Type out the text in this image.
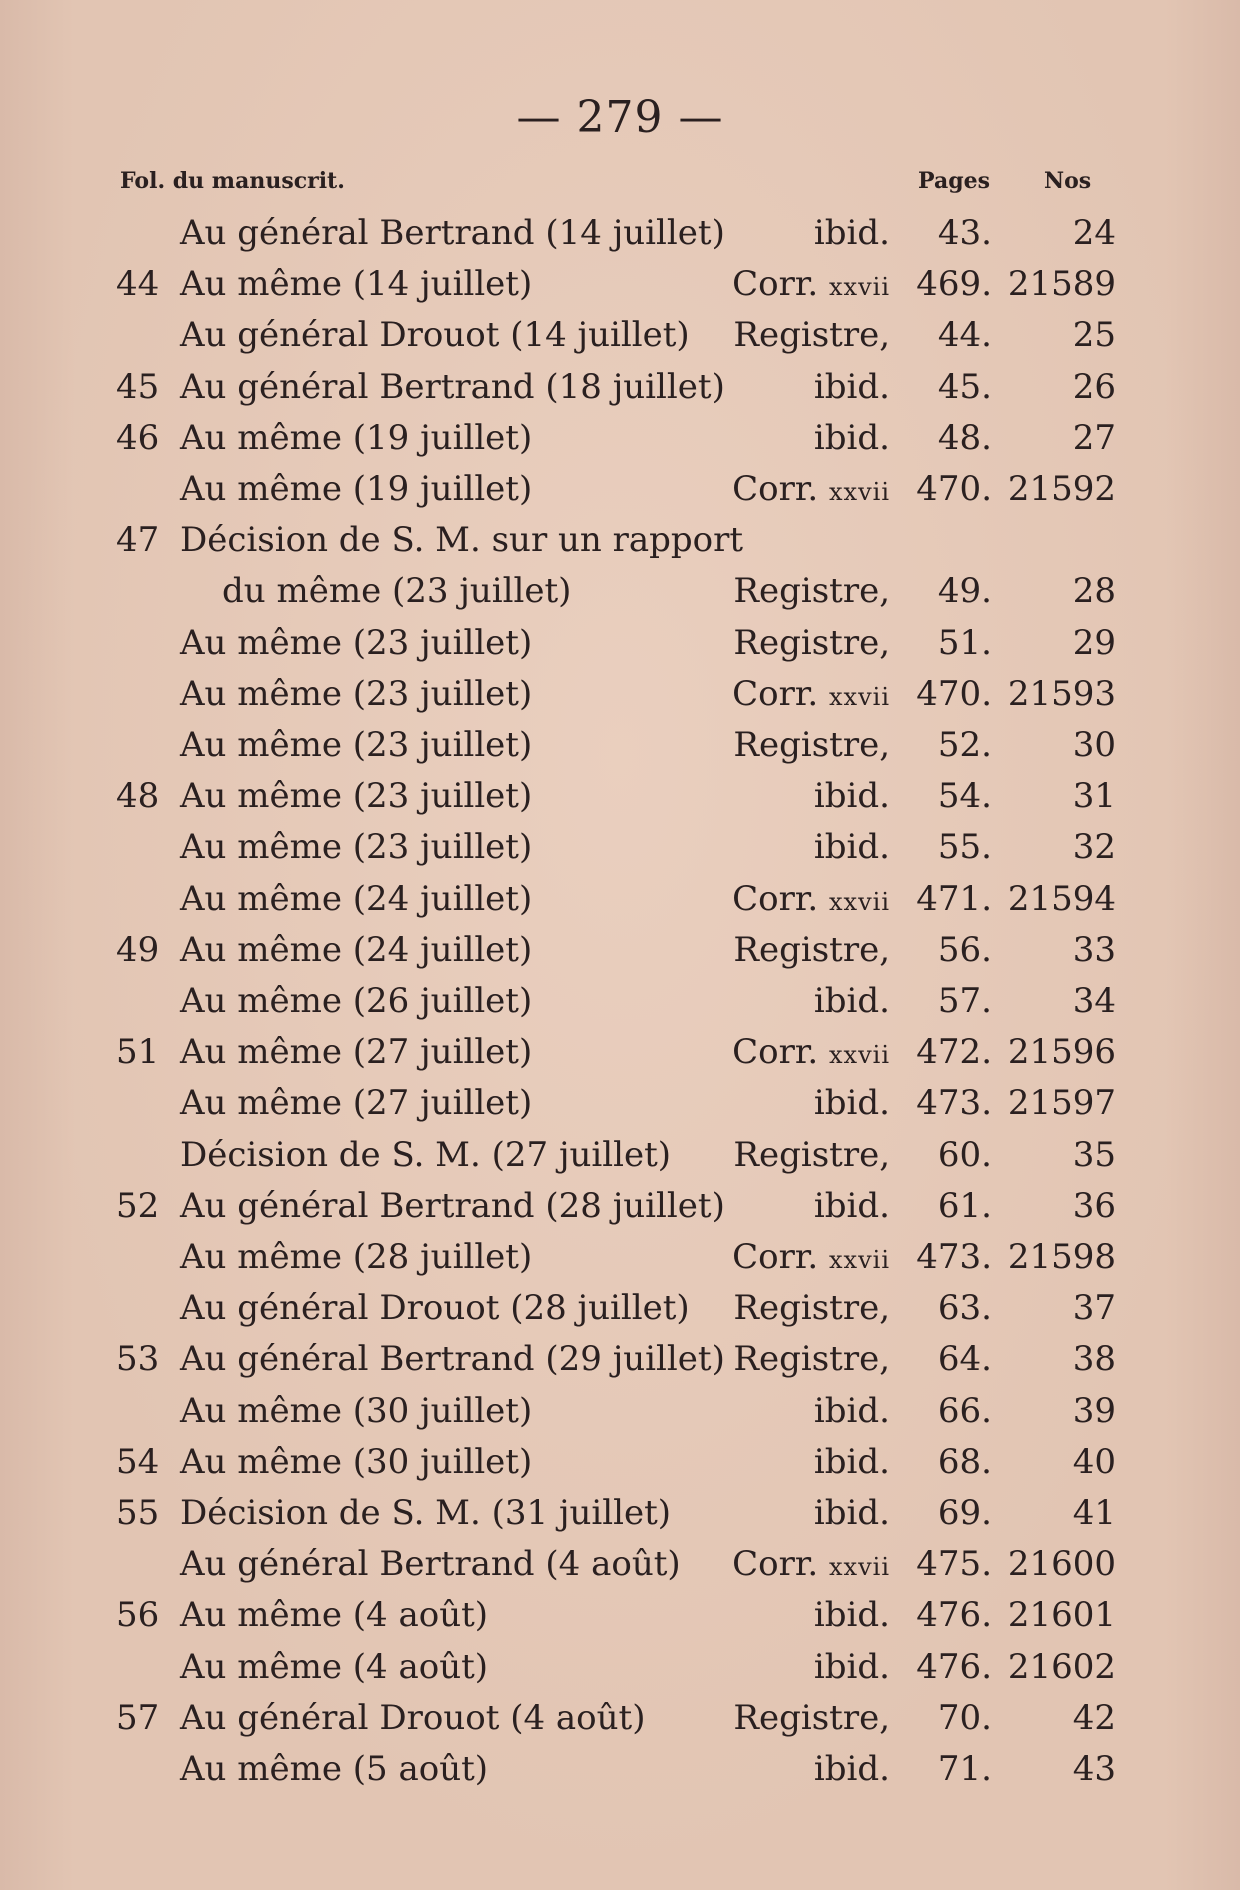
— 279 —
Fol. du manuscrit.	Pages Nos
Au général Bertrand (14 juillet)	ibid.	43.	24
44 Au même (14 juillet)	Corr. xxvii 469. 21589
Au général Drouot (14 juillet)	Registre,	44.	25
45 Au général Bertrand (18 juillet)	ibid.	45.	26
46 Au même (19 juillet)	ibid.	48.	27
Au même (19 juillet)	Corr. xxvii 470. 21592
47 Décision de S. M. sur un rapport
du même (23 juillet)	Registre,	49.	28
Au même (23 juillet)	Registre,	51.	29
Au même (23 juillet)	Corr. xxvii 470. 21593
Au même (23 juillet)	Registre,	52.	30
48 Au même (23 juillet)	ibid.	54.	31
Au même (23 juillet)	ibid.	55.	32
Au même (24 juillet)	Corr. xxvii 471. 21594
49 Au même (24 juillet)	Registre,	56.	33
Au même (26 juillet)	ibid.	57.	34
51 Au même (27 juillet)	Corr. xxvii 472. 21596
Au même (27 juillet)	ibid. 473. 21597
Décision de S. M. (27 juillet)	Registre,	60.	35
52 Au général Bertrand (28 juillet)	ibid.	61.	36
Au même (28 juillet)	Corr. xxvii 473. 21598
Au général Drouot (28 juillet)	Registre,	63.	37
53 Au général Bertrand (29 juillet) Registre,	64.	38
Au même (30 juillet)	ibid.	66.	39
54 Au même (30 juillet)	ibid.	68.	40
55 Décision de S. M. (31 juillet)	ibid.	69.	41
Au général Bertrand (4 août)	Corr. xxvii 475. 21600
56 Au même (4 août)	ibid. 476. 21601
Au même (4 août)	ibid. 476. 21602
57 Au général Drouot (4 août)	Registre,	70.	42
Au même (5 août)	ibid.	71.	43
